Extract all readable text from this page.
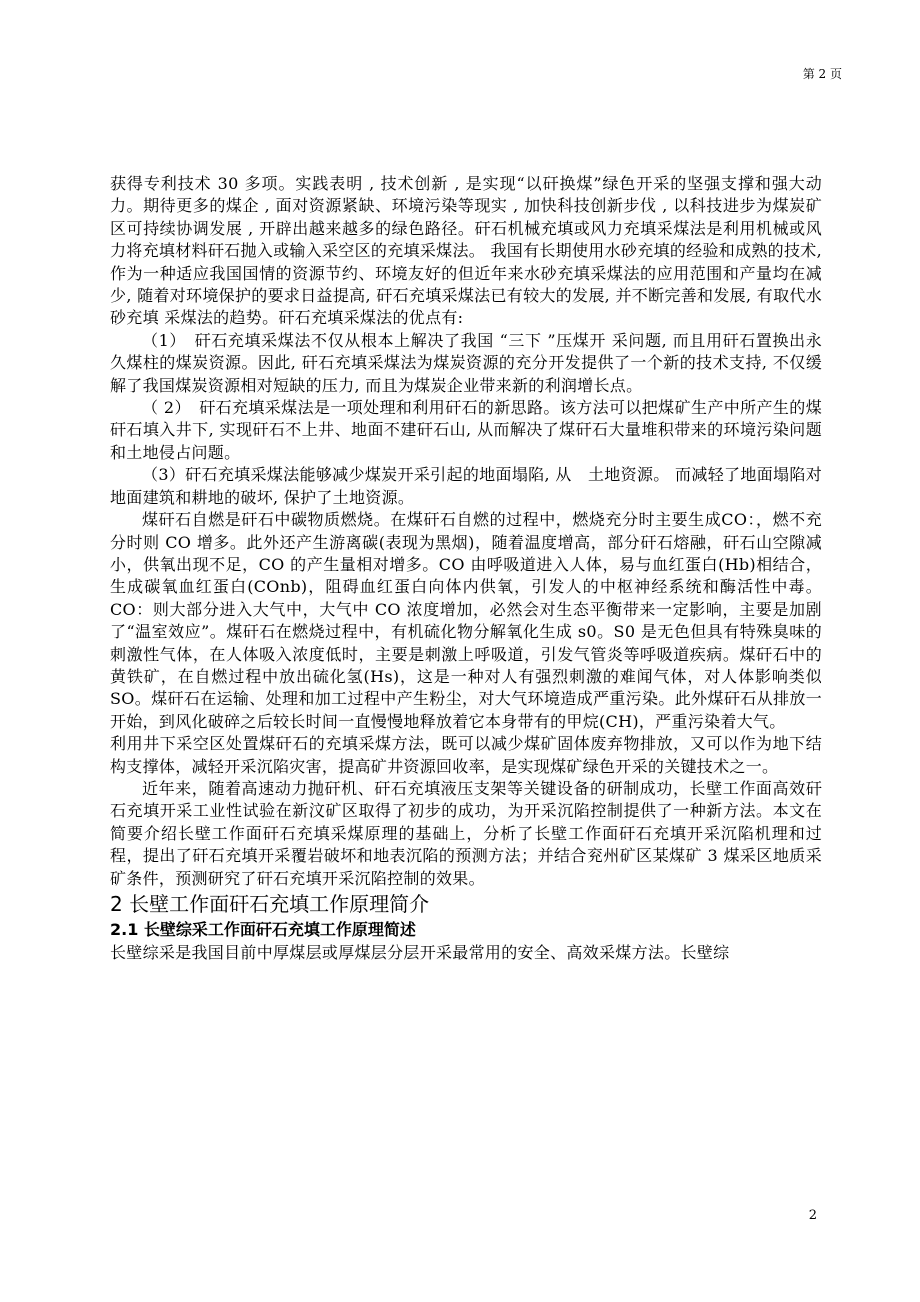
第 2 页

获得专利技术 30 多项。实践表明 , 技术创新 , 是实现“以矸换煤”绿色开采的坚强支撑和强大动力。期待更多的煤企 , 面对资源紧缺、环境污染等现实 , 加快科技创新步伐 , 以科技进步为煤炭矿区可持续协调发展 , 开辟出越来越多的绿色路径。矸石机械充填或风力充填采煤法是利用机械或风力将充填材料矸石抛入或输入采空区的充填采煤法。 我国有长期使用水砂充填的经验和成熟的技术, 作为一种适应我国国情的资源节约、环境友好的但近年来水砂充填采煤法的应用范围和产量均在减少, 随着对环境保护的要求日益提高, 矸石充填采煤法已有较大的发展, 并不断完善和发展, 有取代水砂充填 采煤法的趋势。矸石充填采煤法的优点有:

（1）　矸石充填采煤法不仅从根本上解决了我国 “三下 ”压煤开 采问题, 而且用矸石置换出永久煤柱的煤炭资源。因此, 矸石充填采煤法为煤炭资源的充分开发提供了一个新的技术支持, 不仅缓解了我国煤炭资源相对短缺的压力, 而且为煤炭企业带来新的利润增长点。

（ 2）　矸石充填采煤法是一项处理和利用矸石的新思路。该方法可以把煤矿生产中所产生的煤矸石填入井下, 实现矸石不上井、地面不建矸石山, 从而解决了煤矸石大量堆积带来的环境污染问题和土地侵占问题。

（3）矸石充填采煤法能够减少煤炭开采引起的地面塌陷, 从　土地资源。 而减轻了地面塌陷对地面建筑和耕地的破坏, 保护了土地资源。

煤矸石自燃是矸石中碳物质燃烧。在煤矸石自燃的过程中，燃烧充分时主要生成CO：，燃不充分时则 CO 增多。此外还产生游离碳(表现为黑烟)，随着温度增高，部分矸石熔融，矸石山空隙减小，供氧出现不足，CO 的产生量相对增多。CO 由呼吸道进入人体，易与血红蛋白(Hb)相结合，生成碳氧血红蛋白(COnb)，阻碍血红蛋白向体内供氧，引发人的中枢神经系统和酶活性中毒。CO：则大部分进入大气中，大气中 CO 浓度增加，必然会对生态平衡带来一定影响，主要是加剧了“温室效应”。煤矸石在燃烧过程中，有机硫化物分解氧化生成 s0。S0 是无色但具有特殊臭味的刺激性气体，在人体吸入浓度低时，主要是刺激上呼吸道，引发气管炎等呼吸道疾病。煤矸石中的黄铁矿，在自燃过程中放出硫化氢(Hs)，这是一种对人有强烈刺激的难闻气体，对人体影响类似 SO。煤矸石在运输、处理和加工过程中产生粉尘，对大气环境造成严重污染。此外煤矸石从排放一开始，到风化破碎之后较长时间一直慢慢地释放着它本身带有的甲烷(CH)，严重污染着大气。

利用井下采空区处置煤矸石的充填采煤方法，既可以减少煤矿固体废弃物排放，又可以作为地下结构支撑体，减轻开采沉陷灾害，提高矿井资源回收率，是实现煤矿绿色开采的关键技术之一。

近年来，随着高速动力抛矸机、矸石充填液压支架等关键设备的研制成功，长壁工作面高效矸石充填开采工业性试验在新汶矿区取得了初步的成功，为开采沉陷控制提供了一种新方法。本文在简要介绍长壁工作面矸石充填采煤原理的基础上，分析了长壁工作面矸石充填开采沉陷机理和过程，提出了矸石充填开采覆岩破坏和地表沉陷的预测方法；并结合兖州矿区某煤矿 3 煤采区地质采矿条件，预测研究了矸石充填开采沉陷控制的效果。

2 长壁工作面矸石充填工作原理简介

2.1 长壁综采工作面矸石充填工作原理简述

长壁综采是我国目前中厚煤层或厚煤层分层开采最常用的安全、高效采煤方法。长壁综

2
